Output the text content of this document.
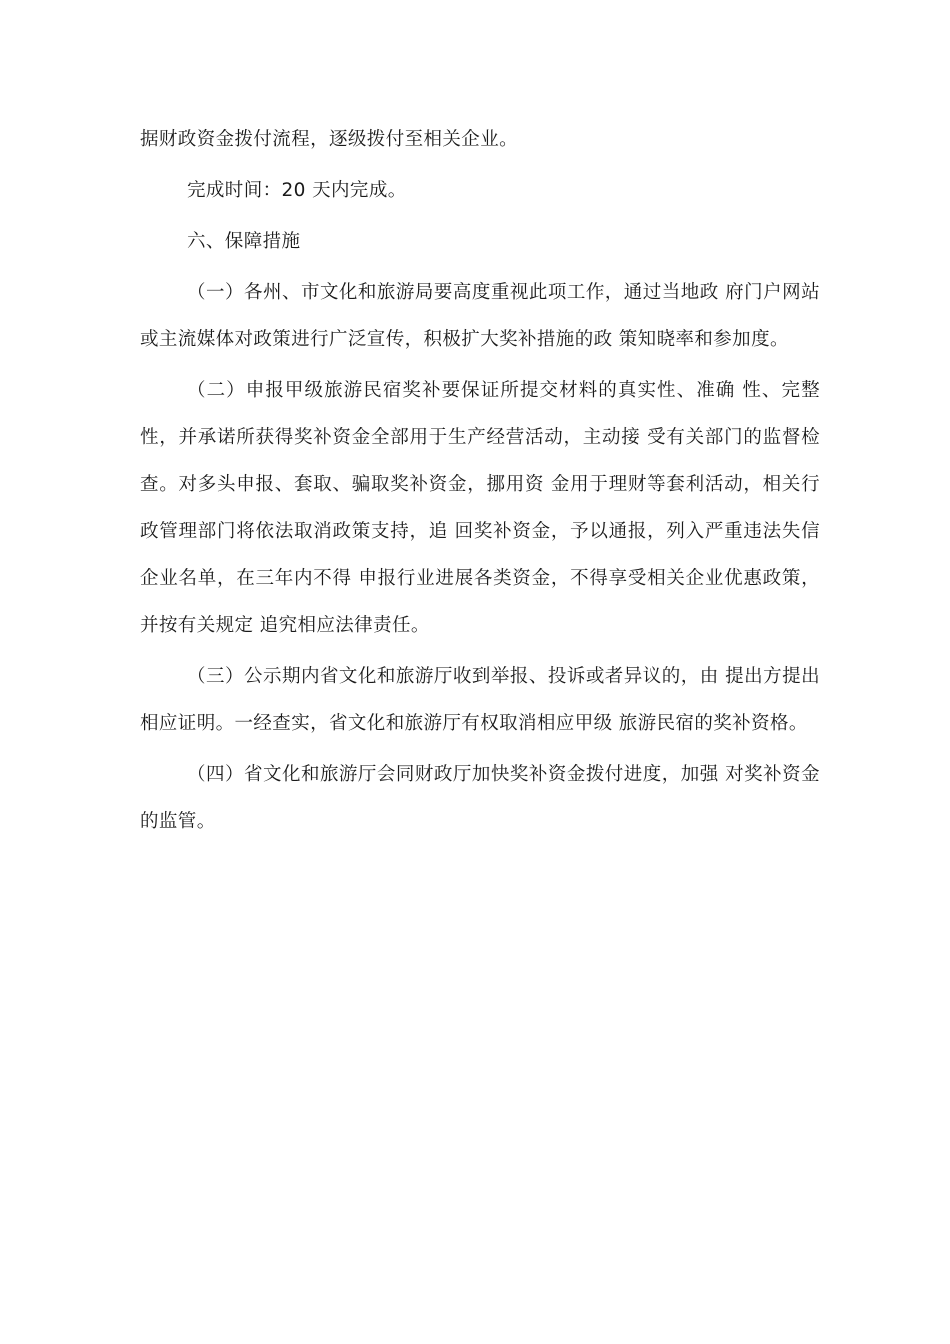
据财政资金拨付流程，逐级拨付至相关企业。

完成时间：20 天内完成。

六、保障措施

（一）各州、市文化和旅游局要高度重视此项工作，通过当地政 府门户网站或主流媒体对政策进行广泛宣传，积极扩大奖补措施的政 策知晓率和参加度。

（二）申报甲级旅游民宿奖补要保证所提交材料的真实性、准确 性、完整性，并承诺所获得奖补资金全部用于生产经营活动，主动接 受有关部门的监督检查。对多头申报、套取、骗取奖补资金，挪用资 金用于理财等套利活动，相关行政管理部门将依法取消政策支持，追 回奖补资金，予以通报，列入严重违法失信企业名单，在三年内不得 申报行业进展各类资金，不得享受相关企业优惠政策，并按有关规定 追究相应法律责任。

（三）公示期内省文化和旅游厅收到举报、投诉或者异议的，由 提出方提出相应证明。一经查实，省文化和旅游厅有权取消相应甲级 旅游民宿的奖补资格。

（四）省文化和旅游厅会同财政厅加快奖补资金拨付进度，加强 对奖补资金的监管。
